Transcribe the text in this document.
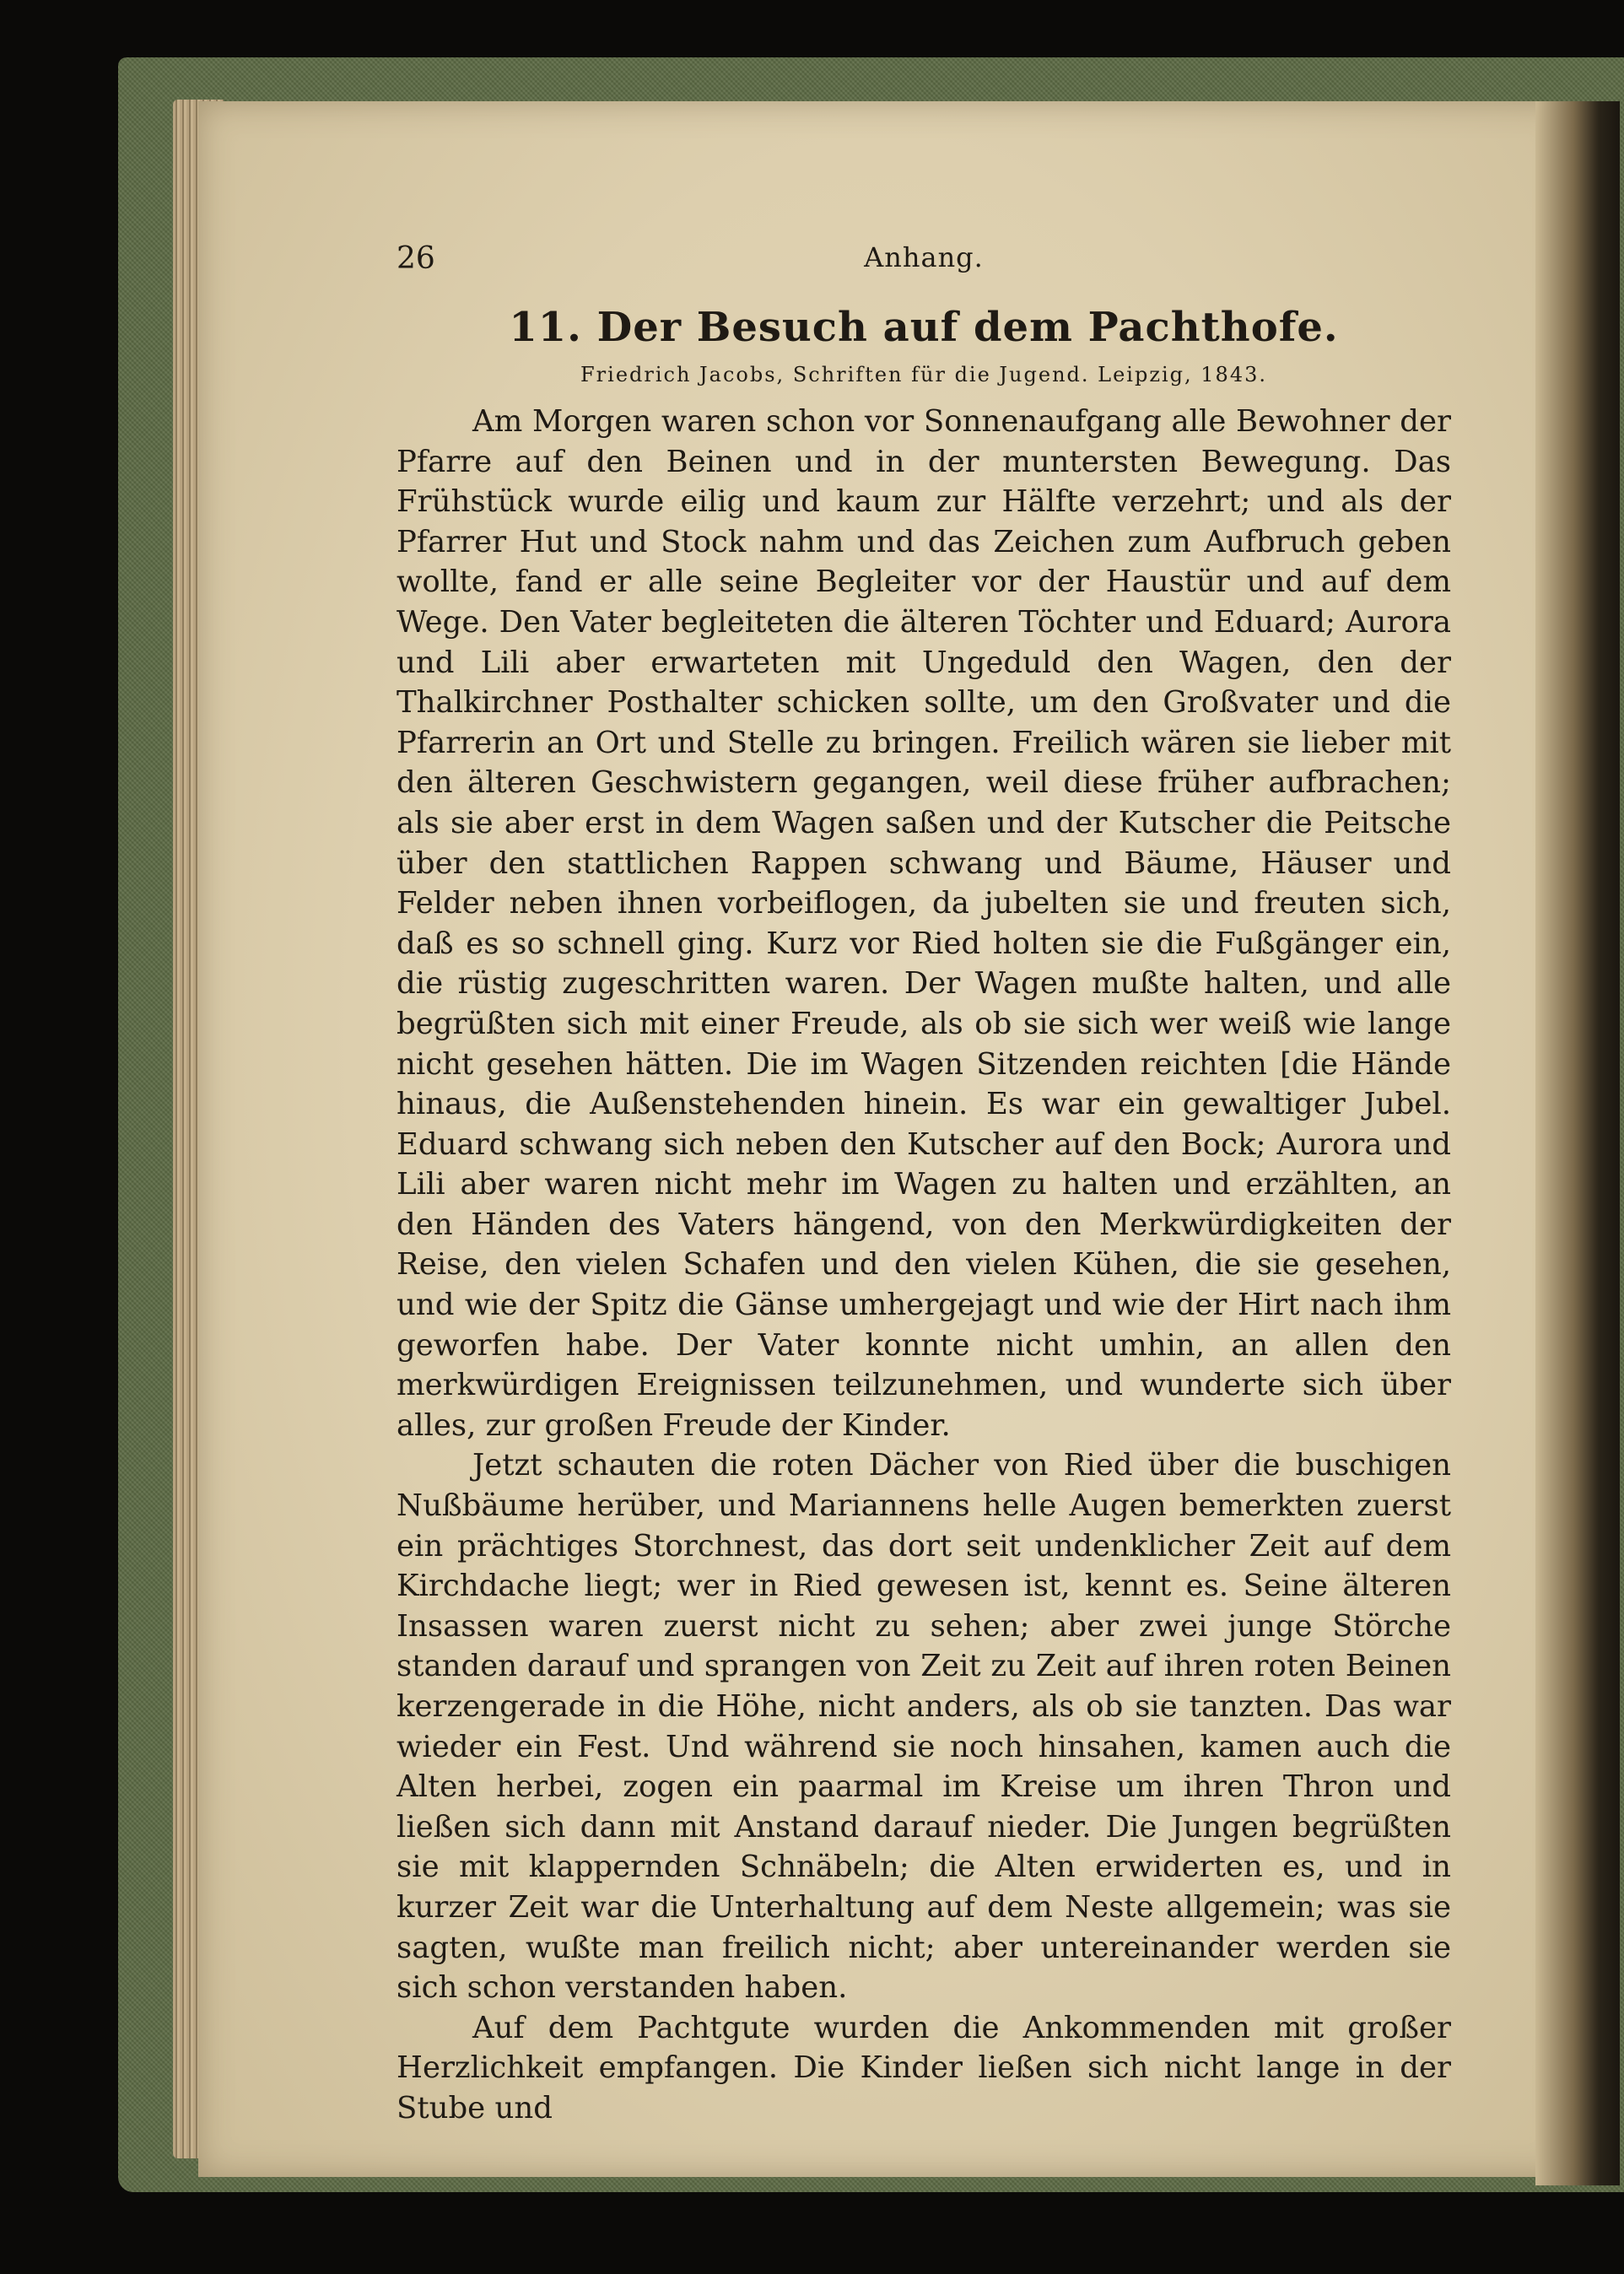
26	Anhang.
11. Der Besuch auf dem Pachthofe.
Friedrich Jacobs, Schriften für die Jugend. Leipzig, 1843.

Am Morgen waren schon vor Sonnenaufgang alle Bewohner der Pfarre auf den Beinen und in der muntersten Bewegung. Das Frühstück wurde eilig und kaum zur Hälfte verzehrt; und als der Pfarrer Hut und Stock nahm und das Zeichen zum Aufbruch geben wollte, fand er alle seine Begleiter vor der Haustür und auf dem Wege. Den Vater begleiteten die älteren Töchter und Eduard; Aurora und Lili aber erwarteten mit Ungeduld den Wagen, den der Thalkirchner Posthalter schicken sollte, um den Großvater und die Pfarrerin an Ort und Stelle zu bringen. Freilich wären sie lieber mit den älteren Geschwistern gegangen, weil diese früher aufbrachen; als sie aber erst in dem Wagen saßen und der Kutscher die Peitsche über den stattlichen Rappen schwang und Bäume, Häuser und Felder neben ihnen vorbeiflogen, da jubelten sie und freuten sich, daß es so schnell ging. Kurz vor Ried holten sie die Fußgänger ein, die rüstig zugeschritten waren. Der Wagen mußte halten, und alle begrüßten sich mit einer Freude, als ob sie sich wer weiß wie lange nicht gesehen hätten. Die im Wagen Sitzenden reichten [die Hände hinaus, die Außenstehenden hinein. Es war ein gewaltiger Jubel. Eduard schwang sich neben den Kutscher auf den Bock; Aurora und Lili aber waren nicht mehr im Wagen zu halten und erzählten, an den Händen des Vaters hängend, von den Merkwürdigkeiten der Reise, den vielen Schafen und den vielen Kühen, die sie gesehen, und wie der Spitz die Gänse umhergejagt und wie der Hirt nach ihm geworfen habe. Der Vater konnte nicht umhin, an allen den merkwürdigen Ereignissen teilzunehmen, und wunderte sich über alles, zur großen Freude der Kinder.

Jetzt schauten die roten Dächer von Ried über die buschigen Nußbäume herüber, und Mariannens helle Augen bemerkten zuerst ein prächtiges Storchnest, das dort seit undenklicher Zeit auf dem Kirchdache liegt; wer in Ried gewesen ist, kennt es. Seine älteren Insassen waren zuerst nicht zu sehen; aber zwei junge Störche standen darauf und sprangen von Zeit zu Zeit auf ihren roten Beinen kerzengerade in die Höhe, nicht anders, als ob sie tanzten. Das war wieder ein Fest. Und während sie noch hinsahen, kamen auch die Alten herbei, zogen ein paarmal im Kreise um ihren Thron und ließen sich dann mit Anstand darauf nieder. Die Jungen begrüßten sie mit klappernden Schnäbeln; die Alten erwiderten es, und in kurzer Zeit war die Unterhaltung auf dem Neste allgemein; was sie sagten, wußte man freilich nicht; aber untereinander werden sie sich schon verstanden haben.

Auf dem Pachtgute wurden die Ankommenden mit großer Herzlichkeit empfangen. Die Kinder ließen sich nicht lange in der Stube und
